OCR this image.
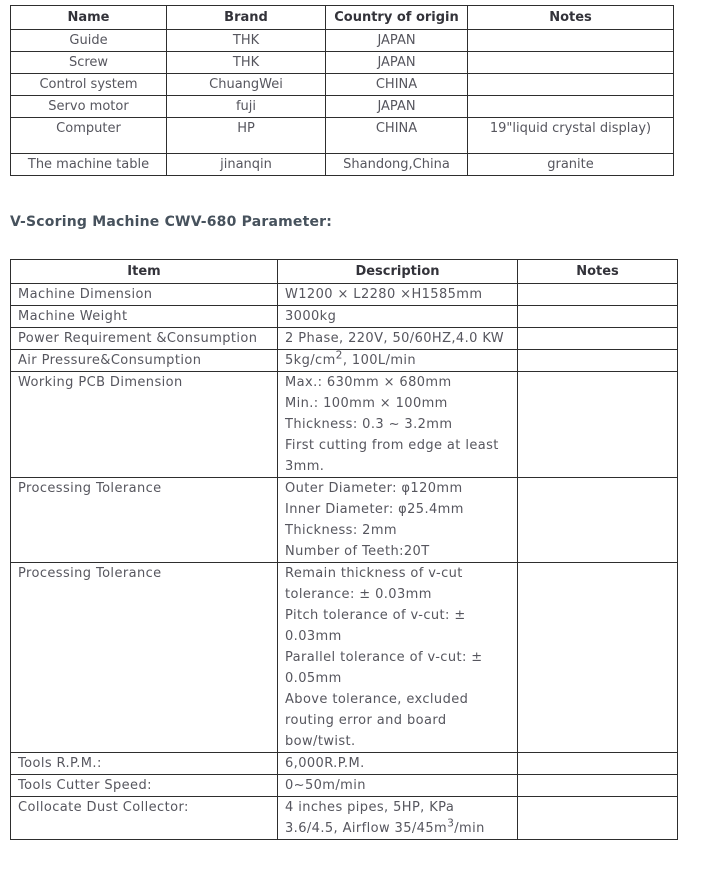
Name	Brand	Country of origin	Notes
Guide	THK	JAPAN	
Screw	THK	JAPAN	
Control system	ChuangWei	CHINA	
Servo motor	fuji	JAPAN	
Computer	HP	CHINA	19"liquid crystal display)
The machine table	jinanqin	Shandong,China	granite
V-Scoring Machine CWV-680 Parameter:
Item	Description	Notes
Machine Dimension	W1200 × L2280 ×H1585mm	

Machine Weight	3000kg	

Power Requirement &Consumption	2 Phase, 220V, 50/60HZ,4.0 KW	

Air Pressure&Consumption	$5kg/cm^2$, 100L/min	

Working PCB Dimension	Max.: 630mm × 680mm
Min.: 100mm × 100mm
Thickness: 0.3 ~ 3.2mm
First cutting from edge at least 3mm.	

Processing Tolerance	Outer Diameter: φ120mm
Inner Diameter: φ25.4mm
Thickness: 2mm
Number of Teeth:20T	

Processing Tolerance	Remain thickness of v-cut tolerance: ± 0.03mm
Pitch tolerance of v-cut: ± 0.03mm
Parallel tolerance of v-cut: ± 0.05mm
Above tolerance, excluded routing error and board bow/twist.	

Tools R.P.M.:	6,000R.P.M.	

Tools Cutter Speed:	0~50m/min	

Collocate Dust Collector:	4 inches pipes, 5HP, KPa 3.6/4.5, Airflow $35/45m^3/\min$	
